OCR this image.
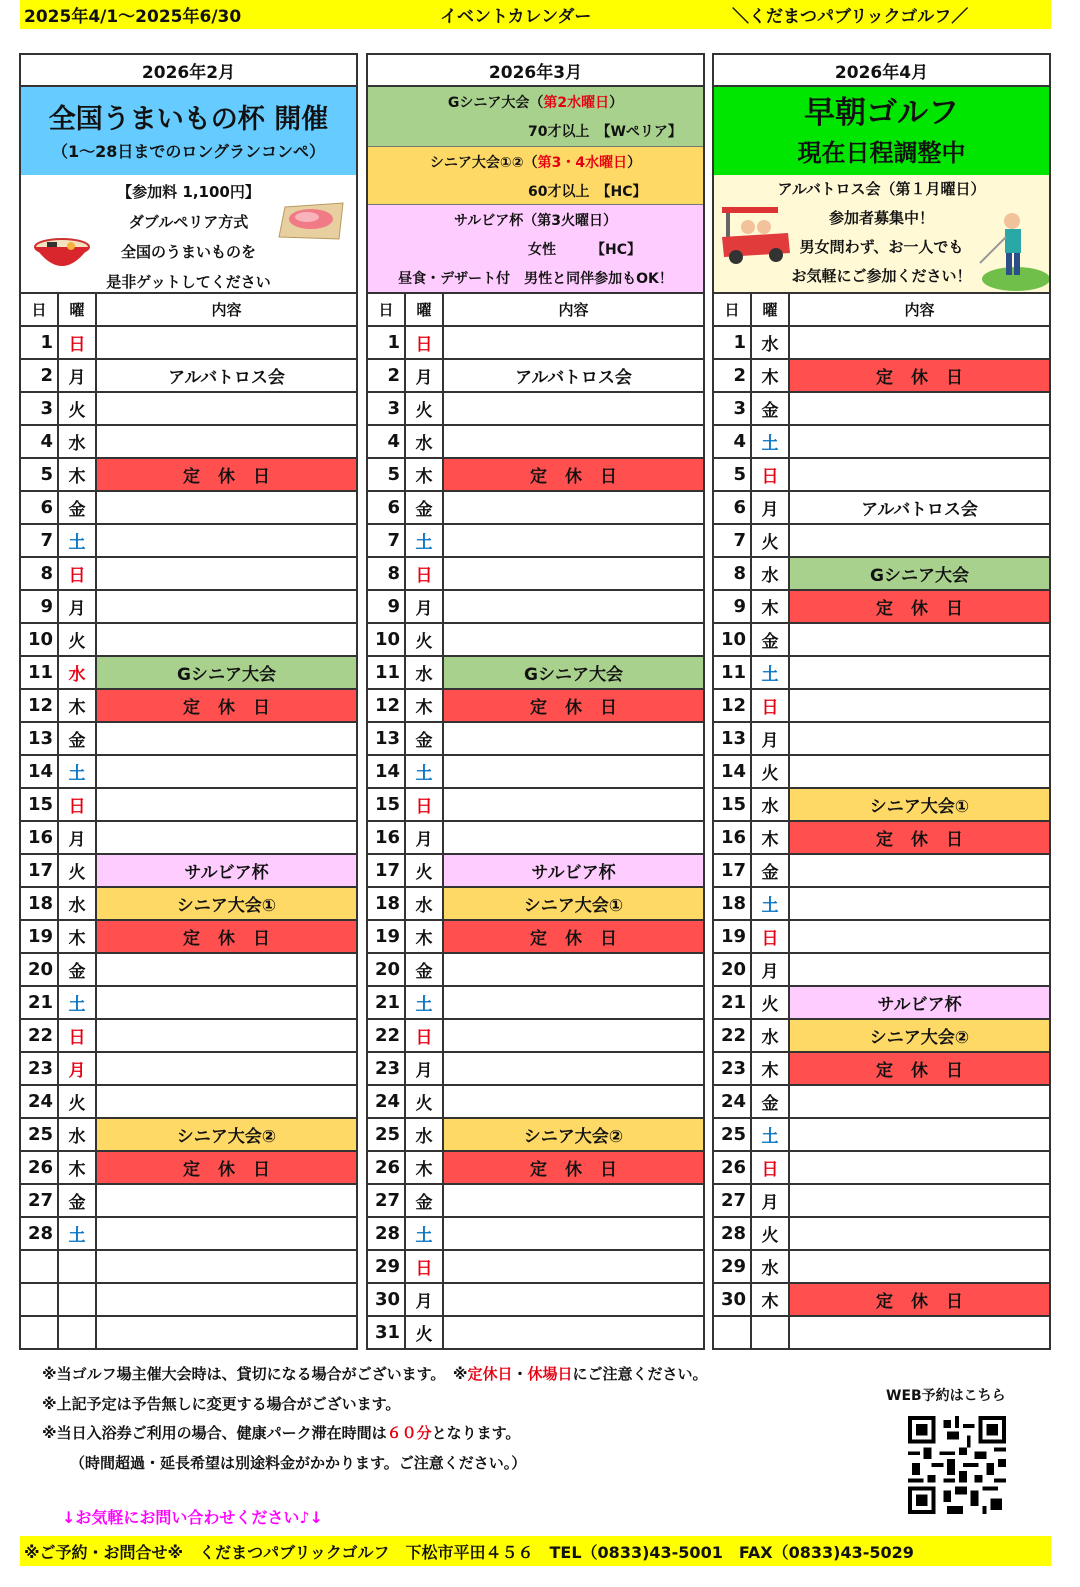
2025年4/1～2025年6/30	イベントカレンダー	＼くだまつパブリックゴルフ／
2026年2月
全国うまいもの杯 開催
（1～28日までのロングランコンペ）
【参加料 1,100円】
ダブルペリア方式
全国のうまいものを
是非ゲットしてください
日	曜	内容
1 日
2 月	アルバトロス会
3 火
4 水
5 木	定休日
6 金
7 土
8 日
9 月
10 火
11 水	Gシニア大会
12 木	定休日
13 金
14 土
15 日
16 月
17 火	サルビア杯
18 水	シニア大会①
19 木	定休日
20 金
21 土
22 日
23 月
24 火
25 水	シニア大会②
26 木	定休日
27 金
28 土
2026年3月
Gシニア大会（ 第2水曜日 ）
70才以上　【Wペリア】
シニア大会①②（ 第3・4水曜日 ）
60才以上　【HC】
サルビア杯（第3火曜日）
女性　　　【HC】
昼食・デザート付　男性と同伴参加もOK！
日	曜	内容
1 日
2 月	アルバトロス会
3 火
4 水
5 木	定休日
6 金
7 土
8 日
9 月
10 火
11 水	Gシニア大会
12 木	定休日
13 金
14 土
15 日
16 月
17 火	サルビア杯
18 水	シニア大会①
19 木	定休日
20 金
21 土
22 日
23 月
24 火
25 水	シニア大会②
26 木	定休日
27 金
28 土
29 日
30 月
31 火
2026年4月
早朝ゴルフ
現在日程調整中
アルバトロス会（第１月曜日）
参加者募集中！
男女問わず、お一人でも
お気軽にご参加ください！
日	曜	内容
1 水
2 木	定休日
3 金
4 土
5 日
6 月	アルバトロス会
7 火
8 水	Gシニア大会
9 木	定休日
10 金
11 土
12 日
13 月
14 火
15 水	シニア大会①
16 木	定休日
17 金
18 土
19 日
20 月
21 火	サルビア杯
22 水	シニア大会②
23 木	定休日
24 金
25 土
26 日
27 月
28 火
29 水
30 木	定休日
※当ゴルフ場主催大会時は、貸切になる場合がございます。　※定休日・休場日にご注意ください。
※上記予定は予告無しに変更する場合がございます。
※当日入浴券ご利用の場合、健康パーク滞在時間は６０分となります。
（時間超過・延長希望は別途料金がかかります。ご注意ください。）
↓お気軽にお問い合わせください♪↓
WEB予約はこちら
※ご予約・お問合せ※　くだまつパブリックゴルフ　下松市平田４５６　TEL（0833)43-5001　FAX（0833)43-5029
